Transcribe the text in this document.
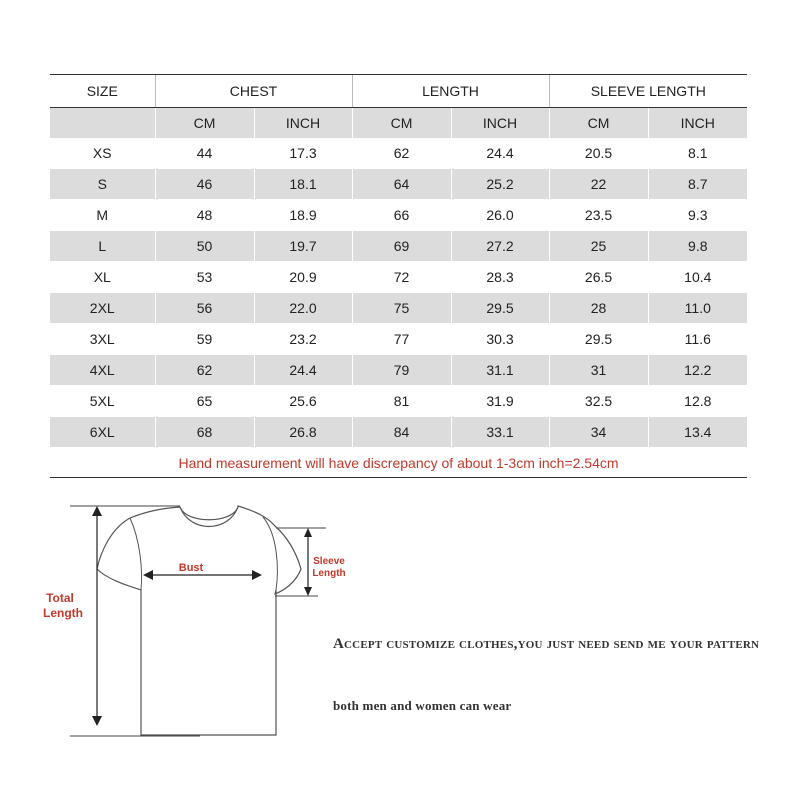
SIZE	CHEST		LENGTH		SLEEVE LENGTH	
	CM	INCH	CM	INCH	CM	INCH
XS	44	17.3	62	24.4	20.5	8.1
S	46	18.1	64	25.2	22	8.7
M	48	18.9	66	26.0	23.5	9.3
L	50	19.7	69	27.2	25	9.8
XL	53	20.9	72	28.3	26.5	10.4
2XL	56	22.0	75	29.5	28	11.0
3XL	59	23.2	77	30.3	29.5	11.6
4XL	62	24.4	79	31.1	31	12.2
5XL	65	25.6	81	31.9	32.5	12.8
6XL	68	26.8	84	33.1	34	13.4
Hand measurement will have discrepancy of about 1-3cm inch=2.54cm						
Total
Length
Bust
Sleeve
Length
Accept customize clothes,you just need send me your pattern
both men and women can wear
